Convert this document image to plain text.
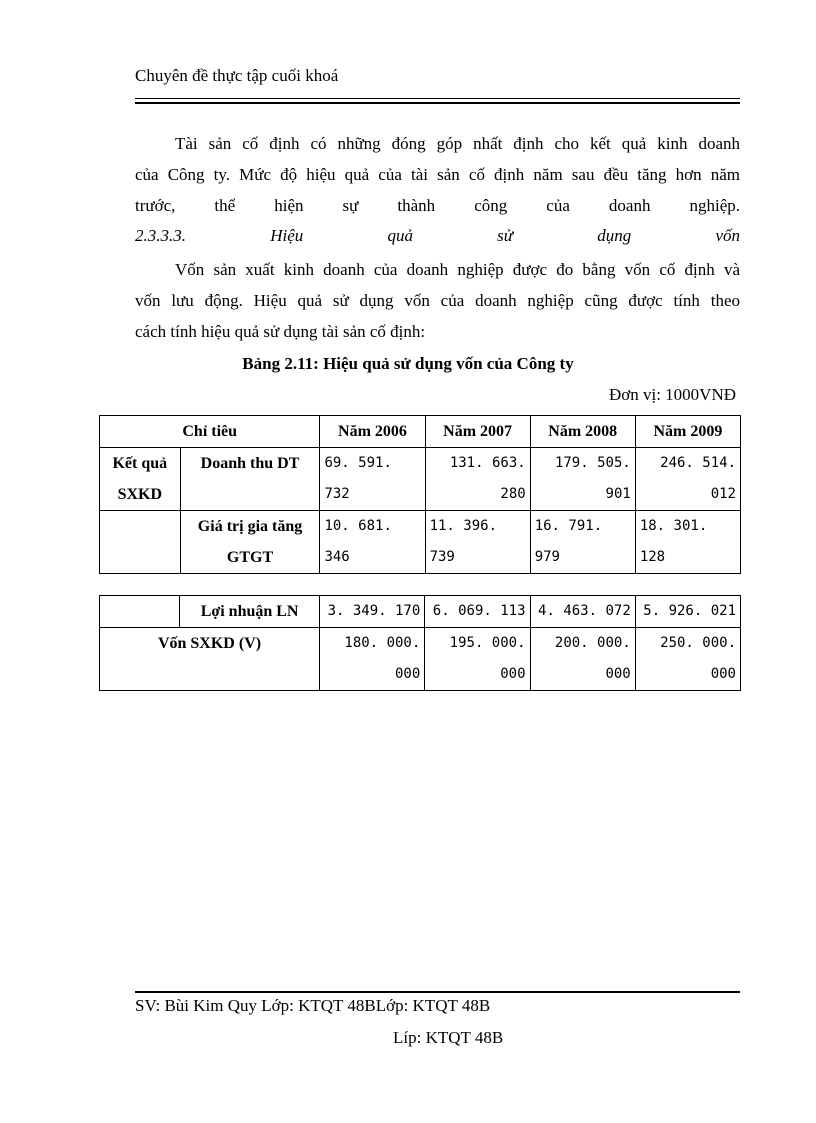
Chuyên đề thực tập cuối khoá

Tài sản cố định có những đóng góp nhất định cho kết quả kinh doanh
của Công ty. Mức độ hiệu quả của tài sản cố định năm sau đều tăng hơn năm
trước, thể hiện sự thành công của doanh nghiệp.

2.3.3.3.	Hiệu	quả	sử	dụng	vốn

Vốn sản xuất kinh doanh của doanh nghiệp được đo bằng vốn cố định và
vốn lưu động. Hiệu quả sử dụng vốn của doanh nghiệp cũng được tính theo
cách tính hiệu quả sử dụng tài sản cố định:

Bảng 2.11: Hiệu quả sử dụng vốn của Công ty
Đơn vị: 1000VNĐ
Chỉ tiêu		Năm 2006	Năm 2007	Năm 2008	Năm 2009
Kết quả SXKD	Doanh thu DT	69. 591. 732	131. 663. 280	179. 505. 901	246. 514. 012
	Giá trị gia tăng GTGT	10. 681. 346	11. 396. 739	16. 791. 979	18. 301. 128
	Lợi nhuận LN	3. 349. 170	6. 069. 113	4. 463. 072	5. 926. 021
Vốn SXKD (V)		180. 000. 000	195. 000. 000	200. 000. 000	250. 000. 000
SV: Bùi Kim Quy Lớp: KTQT 48BLớp: KTQT 48B
Líp: KTQT 48B
